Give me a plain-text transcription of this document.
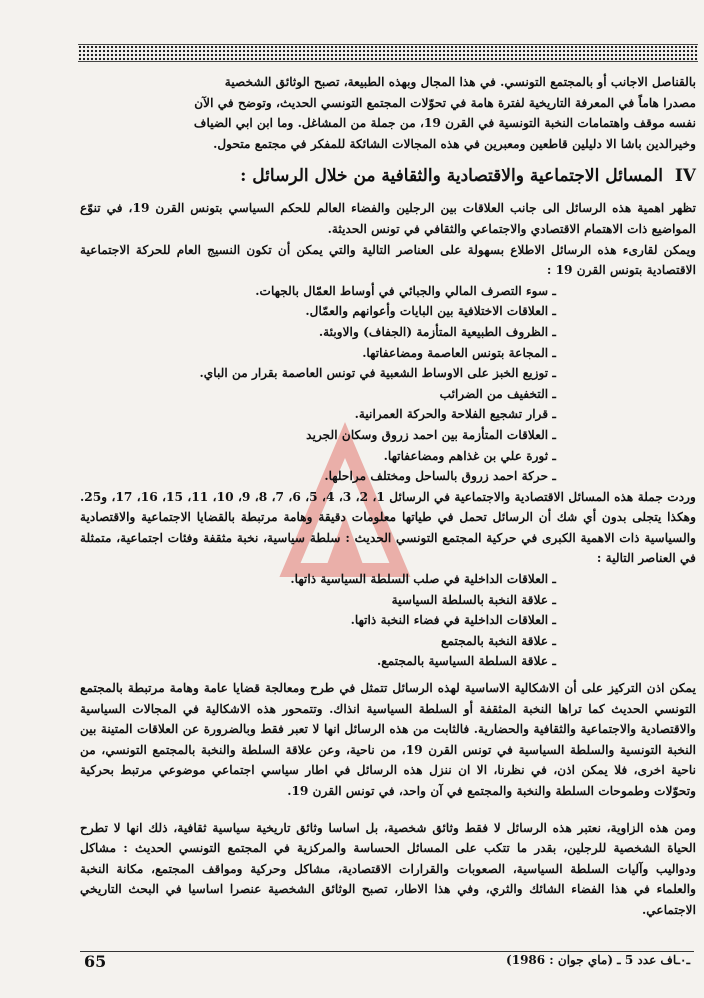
بالقناصل الاجانب أو بالمجتمع التونسي. في هذا المجال وبهذه الطبيعة، تصبح الوثائق الشخصية

مصدرا هاماً في المعرفة التاريخية لفترة هامة في تحوّلات المجتمع التونسي الحديث، وتوضح في الآن

نفسه موقف واهتمامات النخبة التونسية في القرن 19، من جملة من المشاغل. وما ابن ابي الضياف

وخيرالدين باشا الا دليلين قاطعين ومعبرين في هذه المجالات الشائكة للمفكر في مجتمع متحول.

IV المسائل الاجتماعية والاقتصادية والثقافية من خلال الرسائل :

تظهر اهمية هذه الرسائل الى جانب العلاقات بين الرجلين والفضاء العالم للحكم السياسي بتونس القرن 19، في تنوّع المواضيع ذات الاهتمام الاقتصادي والاجتماعي والثقافي في تونس الحديثة.

ويمكن لقارىء هذه الرسائل الاطلاع بسهولة على العناصر التالية والتي يمكن أن تكون النسيج العام للحركة الاجتماعية الاقتصادية بتونس القرن 19 :

ـ سوء التصرف المالي والجبائي في أوساط العمّال بالجهات.
ـ العلاقات الاختلافية بين البايات وأعوانهم والعمّال.
ـ الظروف الطبيعية المتأزمة (الجفاف) والاوبئة.
ـ المجاعة بتونس العاصمة ومضاعفاتها.
ـ توزيع الخبز على الاوساط الشعبية في تونس العاصمة بقرار من الباي.
ـ التخفيف من الضرائب
ـ قرار تشجيع الفلاحة والحركة العمرانية.
ـ العلاقات المتأزمة بين احمد زروق وسكان الجريد
ـ ثورة علي بن غذاهم ومضاعفاتها.
ـ حركة احمد زروق بالساحل ومختلف مراحلها.

وردت جملة هذه المسائل الاقتصادية والاجتماعية في الرسائل 1، 2، 3، 4، 5، 6، 7، 8، 9، 10، 11، 15، 16، 17، و25. وهكذا يتجلى بدون أي شك أن الرسائل تحمل في طياتها معلومات دقيقة وهامة مرتبطة بالقضايا الاجتماعية والاقتصادية والسياسية ذات الاهمية الكبرى في حركية المجتمع التونسي الحديث : سلطة سياسية، نخبة مثقفة وفئات اجتماعية، متمثلة في العناصر التالية :

ـ العلاقات الداخلية في صلب السلطة السياسية ذاتها.
ـ علاقة النخبة بالسلطة السياسية
ـ العلاقات الداخلية في فضاء النخبة ذاتها.
ـ علاقة النخبة بالمجتمع
ـ علاقة السلطة السياسية بالمجتمع.

يمكن اذن التركيز على أن الاشكالية الاساسية لهذه الرسائل تتمثل في طرح ومعالجة قضايا عامة وهامة مرتبطة بالمجتمع التونسي الحديث كما تراها النخبة المثقفة أو السلطة السياسية انذاك. وتتمحور هذه الاشكالية في المجالات السياسية والاقتصادية والاجتماعية والثقافية والحضارية. فالثابت من هذه الرسائل انها لا تعبر فقط وبالضرورة عن العلاقات المتينة بين النخبة التونسية والسلطة السياسية في تونس القرن 19، من ناحية، وعن علاقة السلطة والنخبة بالمجتمع التونسي، من ناحية اخرى، فلا يمكن اذن، في نظرنا، الا ان ننزل هذه الرسائل في اطار سياسي اجتماعي موضوعي مرتبط بحركية وتحوّلات وطموحات السلطة والنخبة والمجتمع في آن واحد، في تونس القرن 19.

ومن هذه الزاوية، نعتبر هذه الرسائل لا فقط وثائق شخصية، بل اساسا وثائق تاريخية سياسية ثقافية، ذلك انها لا تطرح الحياة الشخصية للرجلين، بقدر ما تتكب على المسائل الحساسة والمركزية في المجتمع التونسي الحديث : مشاكل ودواليب وآليات السلطة السياسية، الصعوبات والقرارات الاقتصادية، مشاكل وحركية ومواقف المجتمع، مكانة النخبة والعلماء في هذا الفضاء الشائك والثري، وفي هذا الاطار، تصبح الوثائق الشخصية عنصرا اساسيا في البحث التاريخي الاجتماعي.

65	ـ٠ـاف عدد 5 ـ (ماي جوان : 1986)
